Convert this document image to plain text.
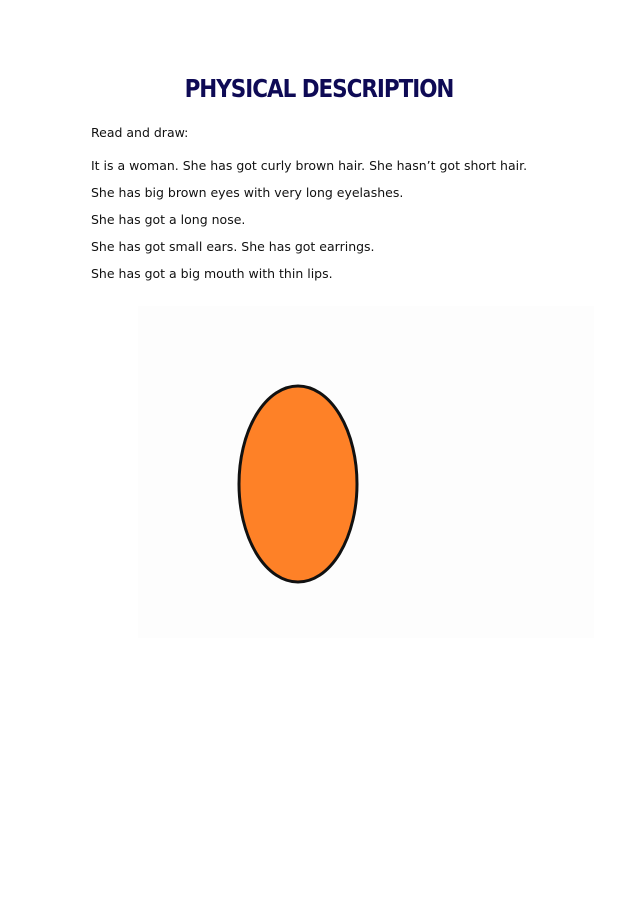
PHYSICAL DESCRIPTION
Read and draw:
It is a woman. She has got curly brown hair. She hasn’t got short hair.
She has big brown eyes with very long eyelashes.
She has got a long nose.
She has got small ears. She has got earrings.
She has got a big mouth with thin lips.
